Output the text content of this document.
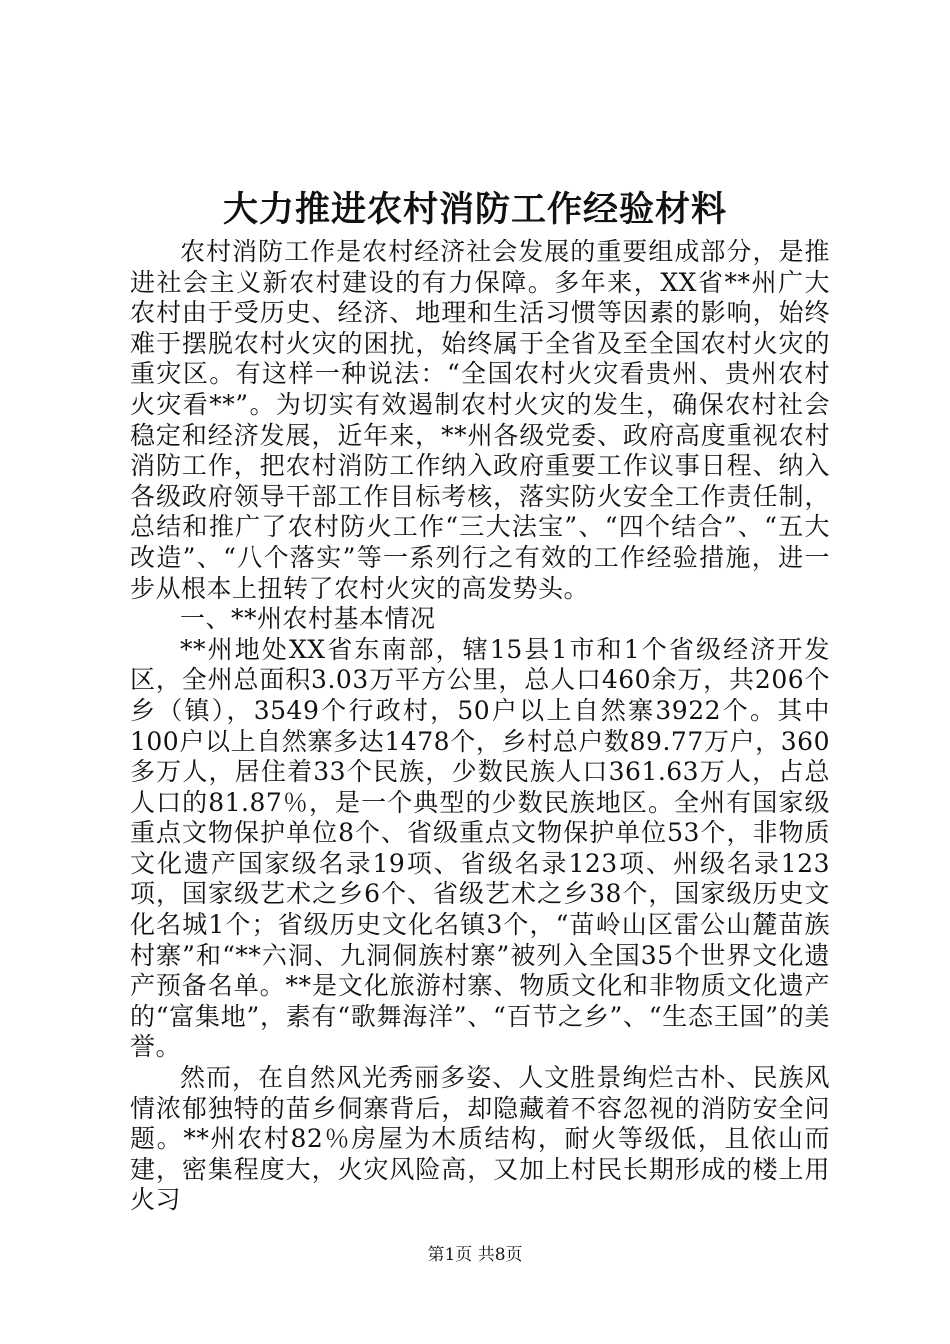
大力推进农村消防工作经验材料

农村消防工作是农村经济社会发展的重要组成部分，是推进社会主义新农村建设的有力保障。多年来，XX省**州广大农村由于受历史、经济、地理和生活习惯等因素的影响，始终难于摆脱农村火灾的困扰，始终属于全省及至全国农村火灾的重灾区。有这样一种说法：“全国农村火灾看贵州、贵州农村火灾看**”。为切实有效遏制农村火灾的发生，确保农村社会稳定和经济发展，近年来，**州各级党委、政府高度重视农村消防工作，把农村消防工作纳入政府重要工作议事日程、纳入各级政府领导干部工作目标考核，落实防火安全工作责任制，总结和推广了农村防火工作“三大法宝”、“四个结合”、“五大改造”、“八个落实”等一系列行之有效的工作经验措施，进一步从根本上扭转了农村火灾的高发势头。

一、**州农村基本情况

**州地处XX省东南部，辖15县1市和1个省级经济开发区，全州总面积3.03万平方公里，总人口460余万，共206个乡（镇），3549个行政村，50户以上自然寨3922个。其中100户以上自然寨多达1478个，乡村总户数89.77万户，360多万人，居住着33个民族，少数民族人口361.63万人，占总人口的81.87％，是一个典型的少数民族地区。全州有国家级重点文物保护单位8个、省级重点文物保护单位53个，非物质文化遗产国家级名录19项、省级名录123项、州级名录123项，国家级艺术之乡6个、省级艺术之乡38个，国家级历史文化名城1个；省级历史文化名镇3个，“苗岭山区雷公山麓苗族村寨”和“**六洞、九洞侗族村寨”被列入全国35个世界文化遗产预备名单。**是文化旅游村寨、物质文化和非物质文化遗产的“富集地”，素有“歌舞海洋”、“百节之乡”、“生态王国”的美誉。

然而，在自然风光秀丽多姿、人文胜景绚烂古朴、民族风情浓郁独特的苗乡侗寨背后，却隐藏着不容忽视的消防安全问题。**州农村82％房屋为木质结构，耐火等级低，且依山而建，密集程度大，火灾风险高，又加上村民长期形成的楼上用火习

第1页 共8页
